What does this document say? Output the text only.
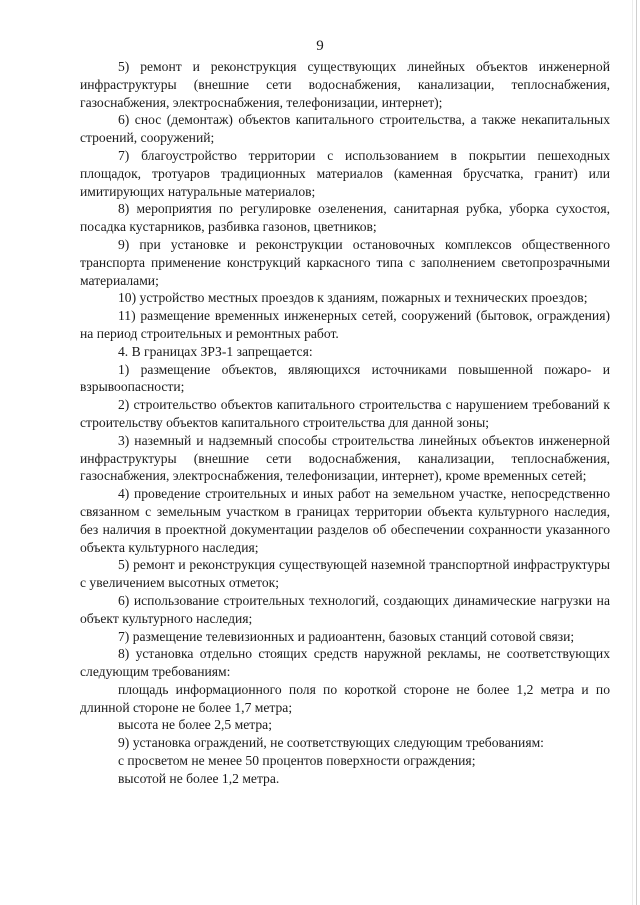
9

5) ремонт и реконструкция существующих линейных объектов инженерной инфраструктуры (внешние сети водоснабжения, канализации, теплоснабжения, газоснабжения, электроснабжения, телефонизации, интернет);

6) снос (демонтаж) объектов капитального строительства, а также некапитальных строений, сооружений;

7) благоустройство территории с использованием в покрытии пешеходных площадок, тротуаров традиционных материалов (каменная брусчатка, гранит) или имитирующих натуральные материалов;

8) мероприятия по регулировке озеленения, санитарная рубка, уборка сухостоя, посадка кустарников, разбивка газонов, цветников;

9) при установке и реконструкции остановочных комплексов общественного транспорта применение конструкций каркасного типа с заполнением светопрозрачными материалами;

10) устройство местных проездов к зданиям, пожарных и технических проездов;

11) размещение временных инженерных сетей, сооружений (бытовок, ограждения) на период строительных и ремонтных работ.

4. В границах ЗРЗ-1 запрещается:

1) размещение объектов, являющихся источниками повышенной пожаро- и взрывоопасности;

2) строительство объектов капитального строительства с нарушением требований к строительству объектов капитального строительства для данной зоны;

3) наземный и надземный способы строительства линейных объектов инженерной инфраструктуры (внешние сети водоснабжения, канализации, теплоснабжения, газоснабжения, электроснабжения, телефонизации, интернет), кроме временных сетей;

4) проведение строительных и иных работ на земельном участке, непосредственно связанном с земельным участком в границах территории объекта культурного наследия, без наличия в проектной документации разделов об обеспечении сохранности указанного объекта культурного наследия;

5) ремонт и реконструкция существующей наземной транспортной инфраструктуры с увеличением высотных отметок;

6) использование строительных технологий, создающих динамические нагрузки на объект культурного наследия;

7) размещение телевизионных и радиоантенн, базовых станций сотовой связи;

8) установка отдельно стоящих средств наружной рекламы, не соответствующих следующим требованиям:

площадь информационного поля по короткой стороне не более 1,2 метра и по длинной стороне не более 1,7 метра;

высота не более 2,5 метра;

9) установка ограждений, не соответствующих следующим требованиям:

с просветом не менее 50 процентов поверхности ограждения;

высотой не более 1,2 метра.
